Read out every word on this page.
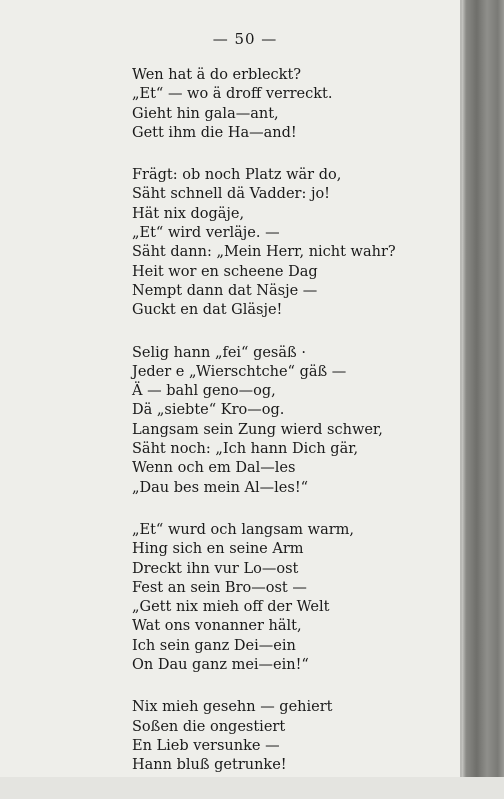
— 50 —
Wen hat ä do erbleckt?
„Et“ — wo ä droff verreckt.
Gieht hin gala—ant,
Gett ihm die Ha—and!
Frägt: ob noch Platz wär do,
Säht schnell dä Vadder: jo!
Hät nix dogäje,
„Et“ wird verläje. —
Säht dann: „Mein Herr, nicht wahr?
Heit wor en scheene Dag
Nempt dann dat Näsje —
Guckt en dat Gläsje!
Selig hann „fei“ gesäß ·
Jeder e „Wierschtche“ gäß —
Ä — bahl geno—og,
Dä „siebte“ Kro—og.
Langsam sein Zung wierd schwer,
Säht noch: „Ich hann Dich gär,
Wenn och em Dal—les
„Dau bes mein Al—les!“
„Et“ wurd och langsam warm,
Hing sich en seine Arm
Dreckt ihn vur Lo—ost
Fest an sein Bro—ost —
„Gett nix mieh off der Welt
Wat ons vonanner hält,
Ich sein ganz Dei—ein
On Dau ganz mei—ein!“
Nix mieh gesehn — gehiert
Soßen die ongestiert
En Lieb versunke —
Hann bluß getrunke!
